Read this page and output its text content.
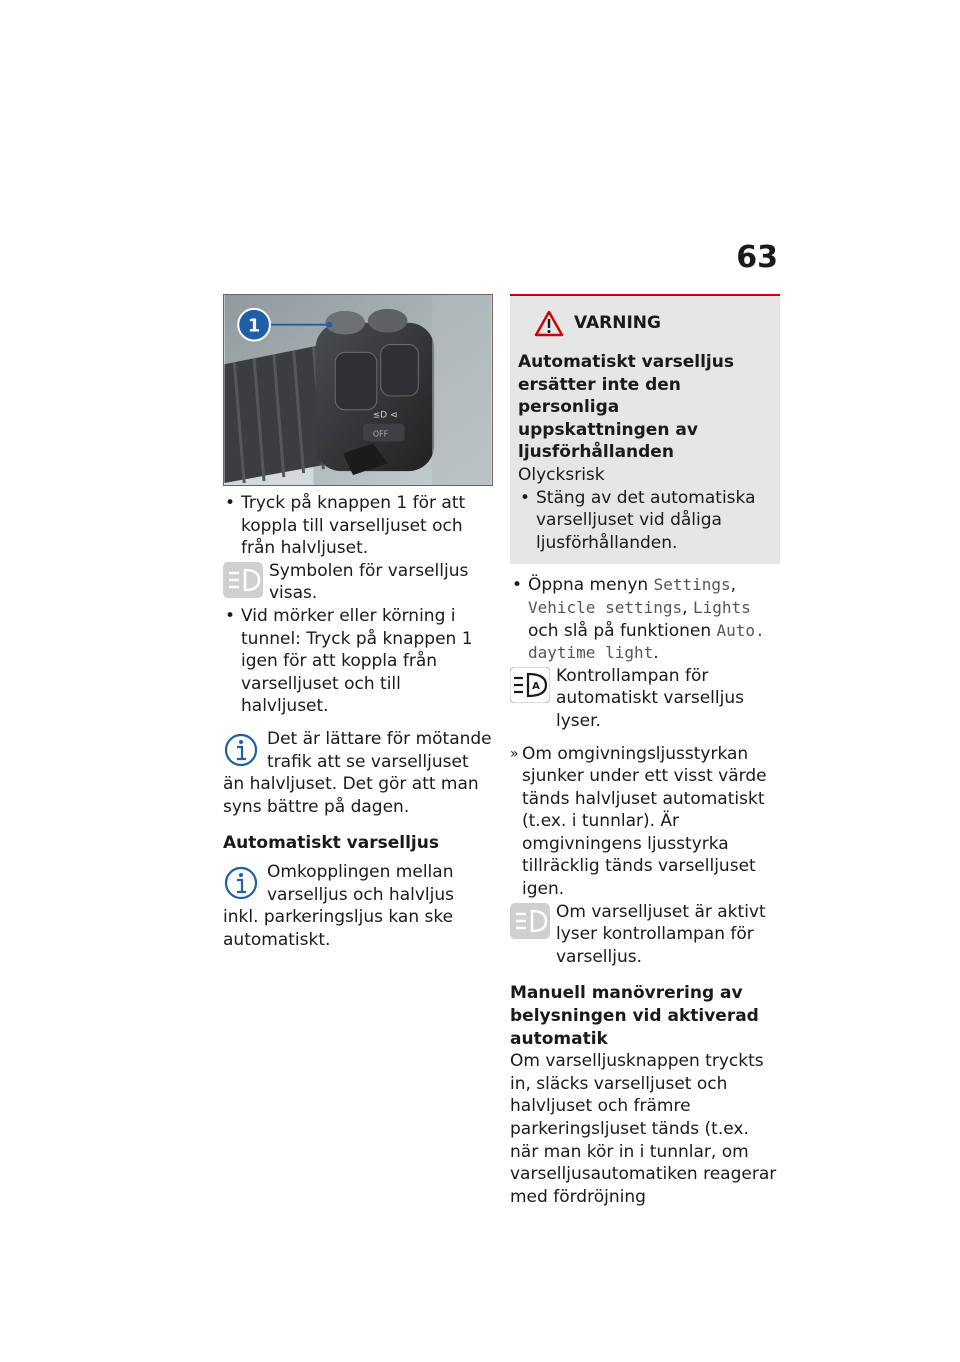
63
≤D ⊲
OFF
1

• Tryck på knappen 1 för att koppla till varselljuset och från halvljuset.

Symbolen för varselljus visas.

• Vid mörker eller körning i tunnel: Tryck på knappen 1 igen för att koppla från varselljuset och till halvljuset.

Det är lättare för mötande trafik att se varselljuset än halvljuset. Det gör att man syns bättre på dagen.

Automatiskt varselljus

Omkopplingen mellan varselljus och halvljus inkl. parkeringsljus kan ske automatiskt.
VARNING

Automatiskt varselljus ersätter inte den personliga uppskattningen av ljusförhållanden

Olycksrisk

• Stäng av det automatiska varselljuset vid dåliga ljusförhållanden.

• Öppna menyn Settings, Vehicle settings, Lights och slå på funktionen Auto. daytime light.

A
Kontrollampan för automatiskt varselljus lyser.

» Om omgivningsljusstyrkan sjunker under ett visst värde tänds halvljuset automatiskt (t.ex. i tunnlar). Är omgivningens ljusstyrka tillräcklig tänds varselljuset igen.

Om varselljuset är aktivt lyser kontrollampan för varselljus.

Manuell manövrering av belysningen vid aktiverad automatik

Om varselljusknappen tryckts in, släcks varselljuset och halvljuset och främre parkeringsljuset tänds (t.ex. när man kör in i tunnlar, om varselljusautomatiken reagerar med fördröjning
